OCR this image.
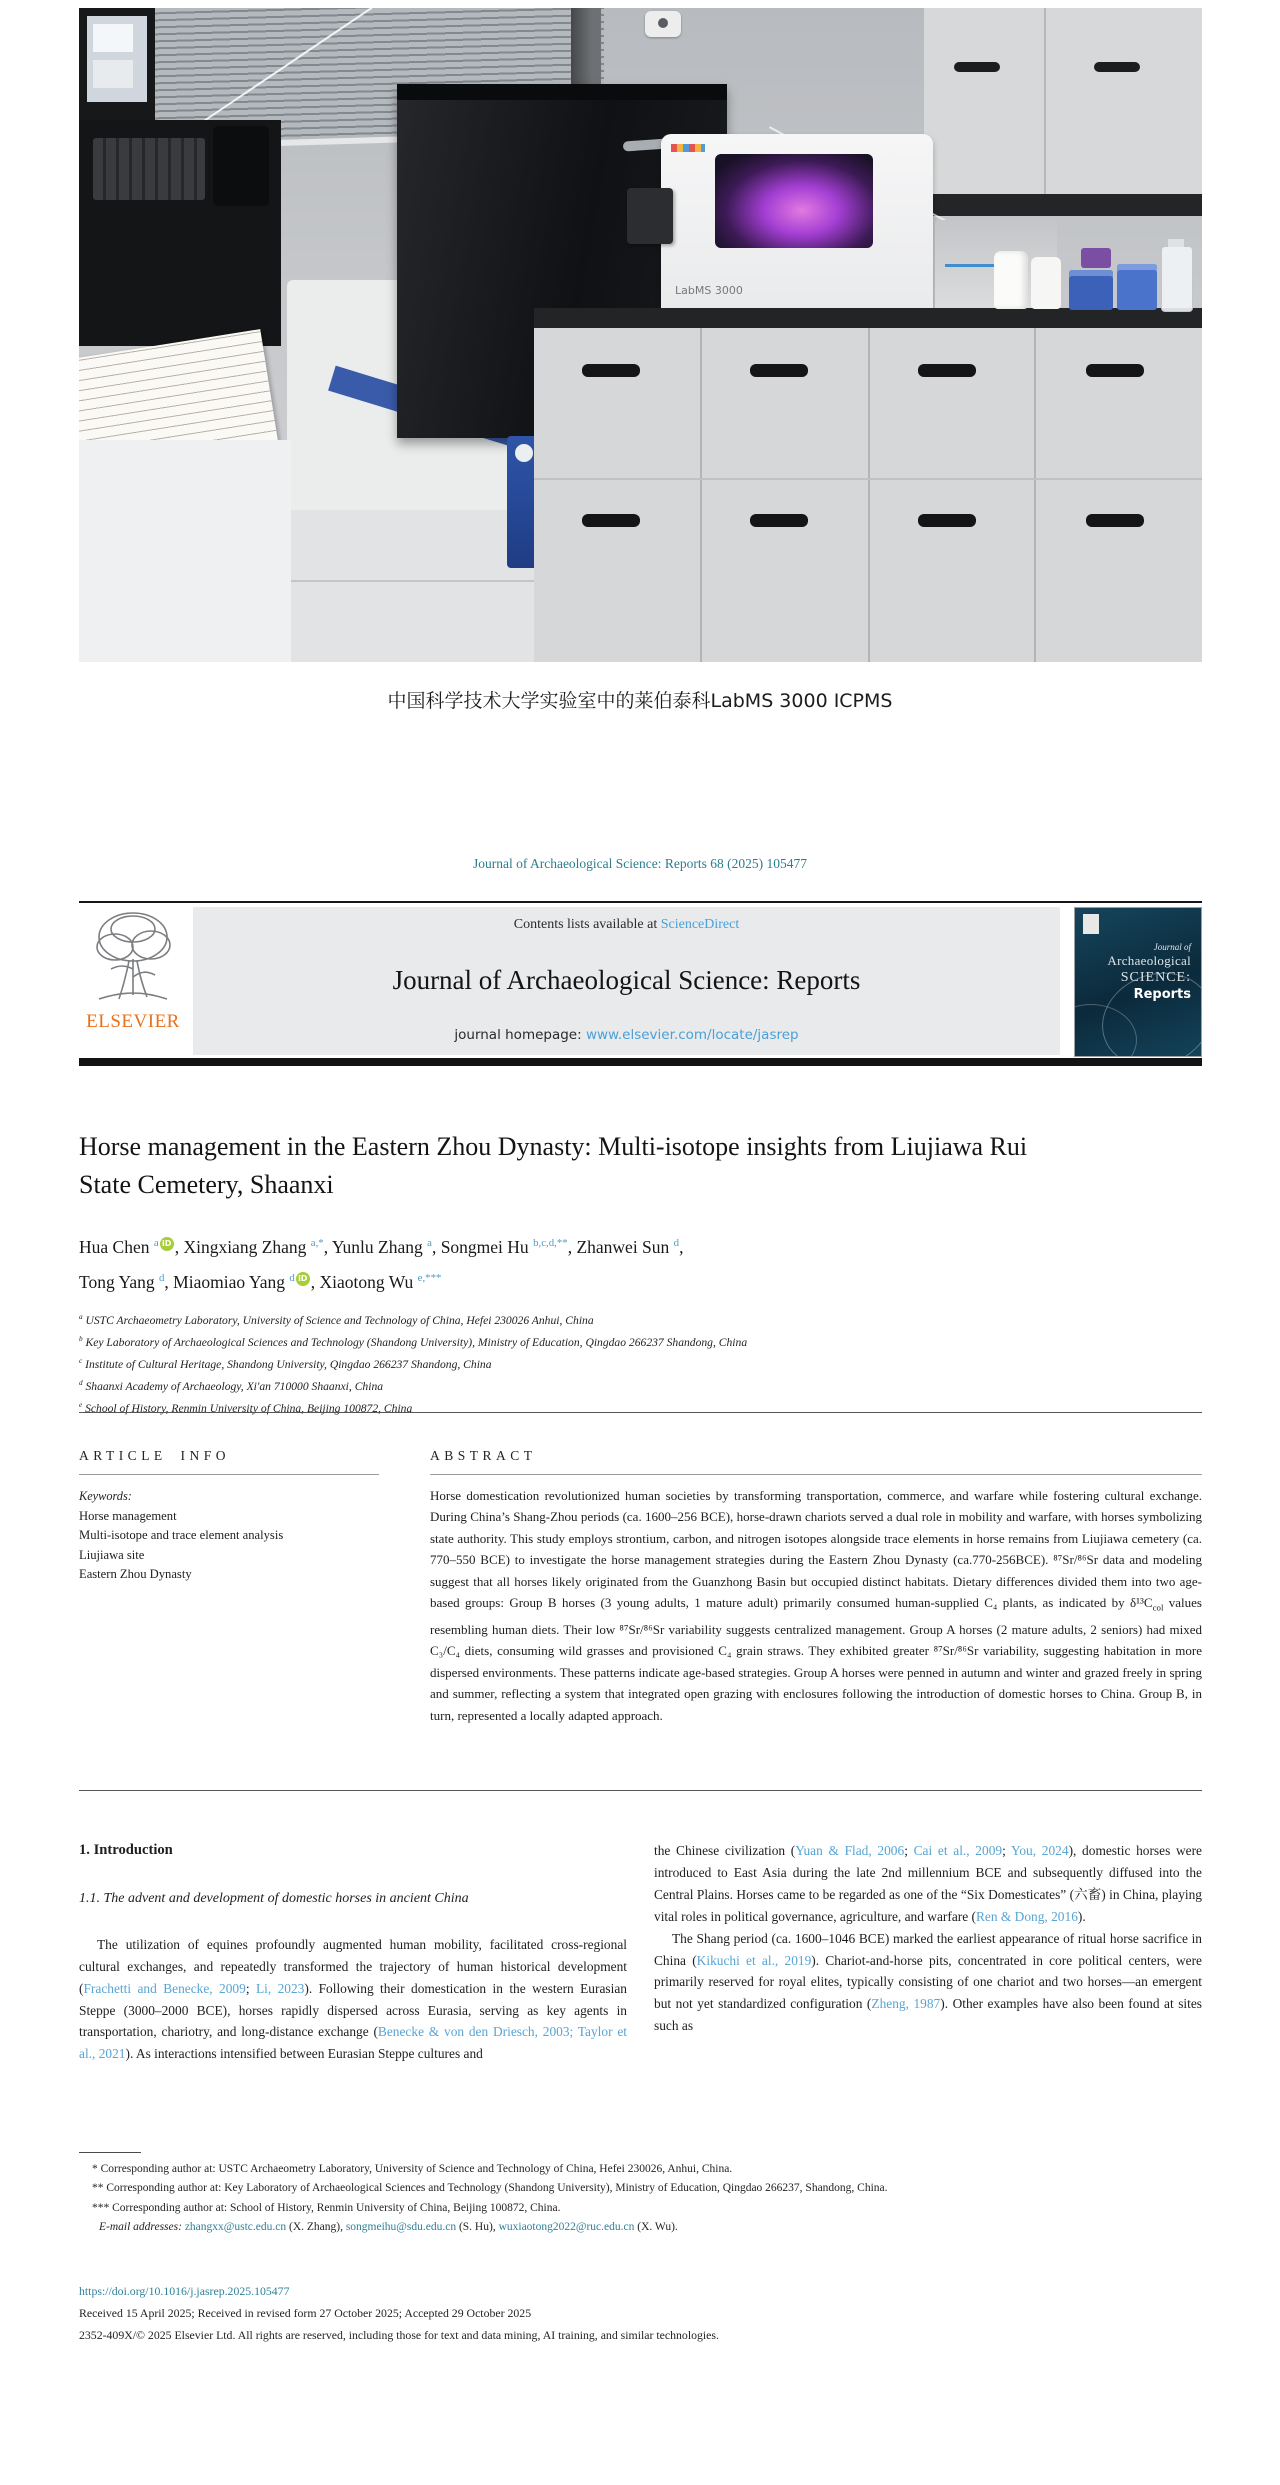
LabMS 3000
中国科学技术大学实验室中的莱伯泰科LabMS 3000 ICPMS
Journal of Archaeological Science: Reports 68 (2025) 105477
ELSEVIER
Contents lists available at ScienceDirect
Journal of Archaeological Science: Reports
journal homepage: www.elsevier.com/locate/jasrep
Journal of
Archaeological
SCIENCE:
Reports
Horse management in the Eastern Zhou Dynasty: Multi-isotope insights from Liujiawa Rui State Cemetery, Shaanxi
Hua Chen $^a$ iD , Xingxiang Zhang $^{a,*}$, Yunlu Zhang $^a$, Songmei Hu $^{b,c,d,**}$, Zhanwei Sun $^d$,
Tong Yang $^d$, Miaomiao Yang $^d$ iD , Xiaotong Wu $^{e,***}$
$^a$ USTC Archaeometry Laboratory, University of Science and Technology of China, Hefei 230026 Anhui, China
$^b$ Key Laboratory of Archaeological Sciences and Technology (Shandong University), Ministry of Education, Qingdao 266237 Shandong, China
$^c$ Institute of Cultural Heritage, Shandong University, Qingdao 266237 Shandong, China
$^d$ Shaanxi Academy of Archaeology, Xi'an 710000 Shaanxi, China
$^e$ School of History, Renmin University of China, Beijing 100872, China
ARTICLE INFO
Keywords:
Horse management
Multi-isotope and trace element analysis
Liujiawa site
Eastern Zhou Dynasty
ABSTRACT
Horse domestication revolutionized human societies by transforming transportation, commerce, and warfare while fostering cultural exchange. During China’s Shang-Zhou periods (ca. 1600–256 BCE), horse-drawn chariots served a dual role in mobility and warfare, with horses symbolizing state authority. This study employs strontium, carbon, and nitrogen isotopes alongside trace elements in horse remains from Liujiawa cemetery (ca. 770–550 BCE) to investigate the horse management strategies during the Eastern Zhou Dynasty (ca.770-256BCE). ⁸⁷Sr/⁸⁶Sr data and modeling suggest that all horses likely originated from the Guanzhong Basin but occupied distinct habitats. Dietary differences divided them into two age-based groups: Group B horses (3 young adults, 1 mature adult) primarily consumed human-supplied C₄ plants, as indicated by $\delta^{13}C_{col}$ values resembling human diets. Their low ⁸⁷Sr/⁸⁶Sr variability suggests centralized management. Group A horses (2 mature adults, 2 seniors) had mixed C₃/C₄ diets, consuming wild grasses and provisioned C₄ grain straws. They exhibited greater ⁸⁷Sr/⁸⁶Sr variability, suggesting habitation in more dispersed environments. These patterns indicate age-based strategies. Group A horses were penned in autumn and winter and grazed freely in spring and summer, reflecting a system that integrated open grazing with enclosures following the introduction of domestic horses to China. Group B, in turn, represented a locally adapted approach.

1. Introduction

1.1. The advent and development of domestic horses in ancient China

The utilization of equines profoundly augmented human mobility, facilitated cross-regional cultural exchanges, and repeatedly transformed the trajectory of human historical development (Frachetti and Benecke, 2009; Li, 2023). Following their domestication in the western Eurasian Steppe (3000–2000 BCE), horses rapidly dispersed across Eurasia, serving as key agents in transportation, chariotry, and long-distance exchange (Benecke & von den Driesch, 2003; Taylor et al., 2021). As interactions intensified between Eurasian Steppe cultures and

the Chinese civilization (Yuan & Flad, 2006; Cai et al., 2009; You, 2024), domestic horses were introduced to East Asia during the late 2nd millennium BCE and subsequently diffused into the Central Plains. Horses came to be regarded as one of the “Six Domesticates” (六畜) in China, playing vital roles in political governance, agriculture, and warfare (Ren & Dong, 2016).

The Shang period (ca. 1600–1046 BCE) marked the earliest appearance of ritual horse sacrifice in China (Kikuchi et al., 2019). Chariot-and-horse pits, concentrated in core political centers, were primarily reserved for royal elites, typically consisting of one chariot and two horses—an emergent but not yet standardized configuration (Zheng, 1987). Other examples have also been found at sites such as

* Corresponding author at: USTC Archaeometry Laboratory, University of Science and Technology of China, Hefei 230026, Anhui, China.

** Corresponding author at: Key Laboratory of Archaeological Sciences and Technology (Shandong University), Ministry of Education, Qingdao 266237, Shandong, China.

*** Corresponding author at: School of History, Renmin University of China, Beijing 100872, China.

E-mail addresses: zhangxx@ustc.edu.cn (X. Zhang), songmeihu@sdu.edu.cn (S. Hu), wuxiaotong2022@ruc.edu.cn (X. Wu).

https://doi.org/10.1016/j.jasrep.2025.105477
Received 15 April 2025; Received in revised form 27 October 2025; Accepted 29 October 2025
2352-409X/© 2025 Elsevier Ltd. All rights are reserved, including those for text and data mining, AI training, and similar technologies.
